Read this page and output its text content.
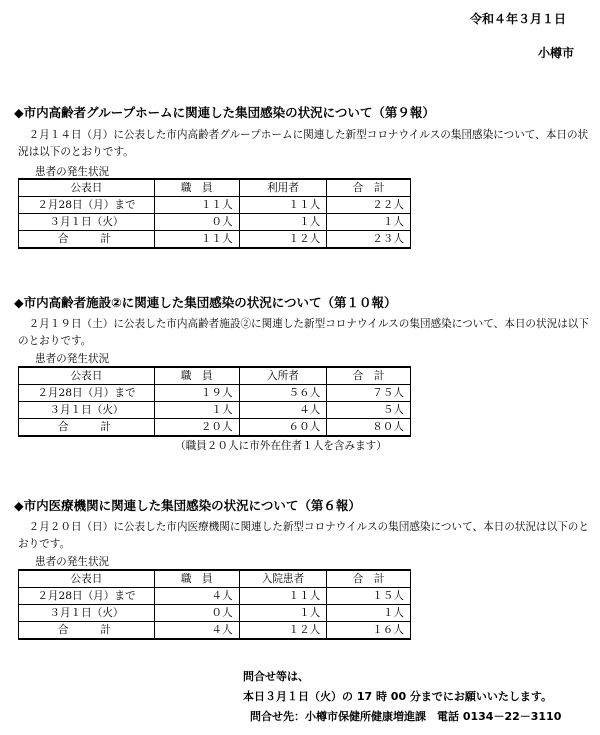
令和４年３月１日
小樽市
◆市内高齢者グループホームに関連した集団感染の状況について（第９報）
２月１４日（月）に公表した市内高齢者グループホームに関連した新型コロナウイルスの集団感染について、本日の状況は以下のとおりです。
患者の発生状況
公表日	職　員	利用者	合　計
２月28日（月）まで	１１人	１１人	２２人
３月１日（火）	０人	１人	１人
合計	１１人	１２人	２３人
◆市内高齢者施設②に関連した集団感染の状況について（第１０報）
２月１９日（土）に公表した市内高齢者施設②に関連した新型コロナウイルスの集団感染について、本日の状況は以下のとおりです。
患者の発生状況
公表日	職　員	入所者	合　計
２月28日（月）まで	１９人	５６人	７５人
３月１日（火）	１人	４人	５人
合計	２０人	６０人	８０人
（職員２０人に市外在住者１人を含みます）
◆市内医療機関に関連した集団感染の状況について（第６報）
２月２０日（日）に公表した市内医療機関に関連した新型コロナウイルスの集団感染について、本日の状況は以下のとおりです。
患者の発生状況
公表日	職　員	入院患者	合　計
２月28日（月）まで	４人	１１人	１５人
３月１日（火）	０人	１人	１人
合計	４人	１２人	１６人
問合せ等は、
本日３月１日（火）の 17 時 00 分までにお願いいたします。
問合せ先：小樽市保健所健康増進課　電話 0134－22－3110
